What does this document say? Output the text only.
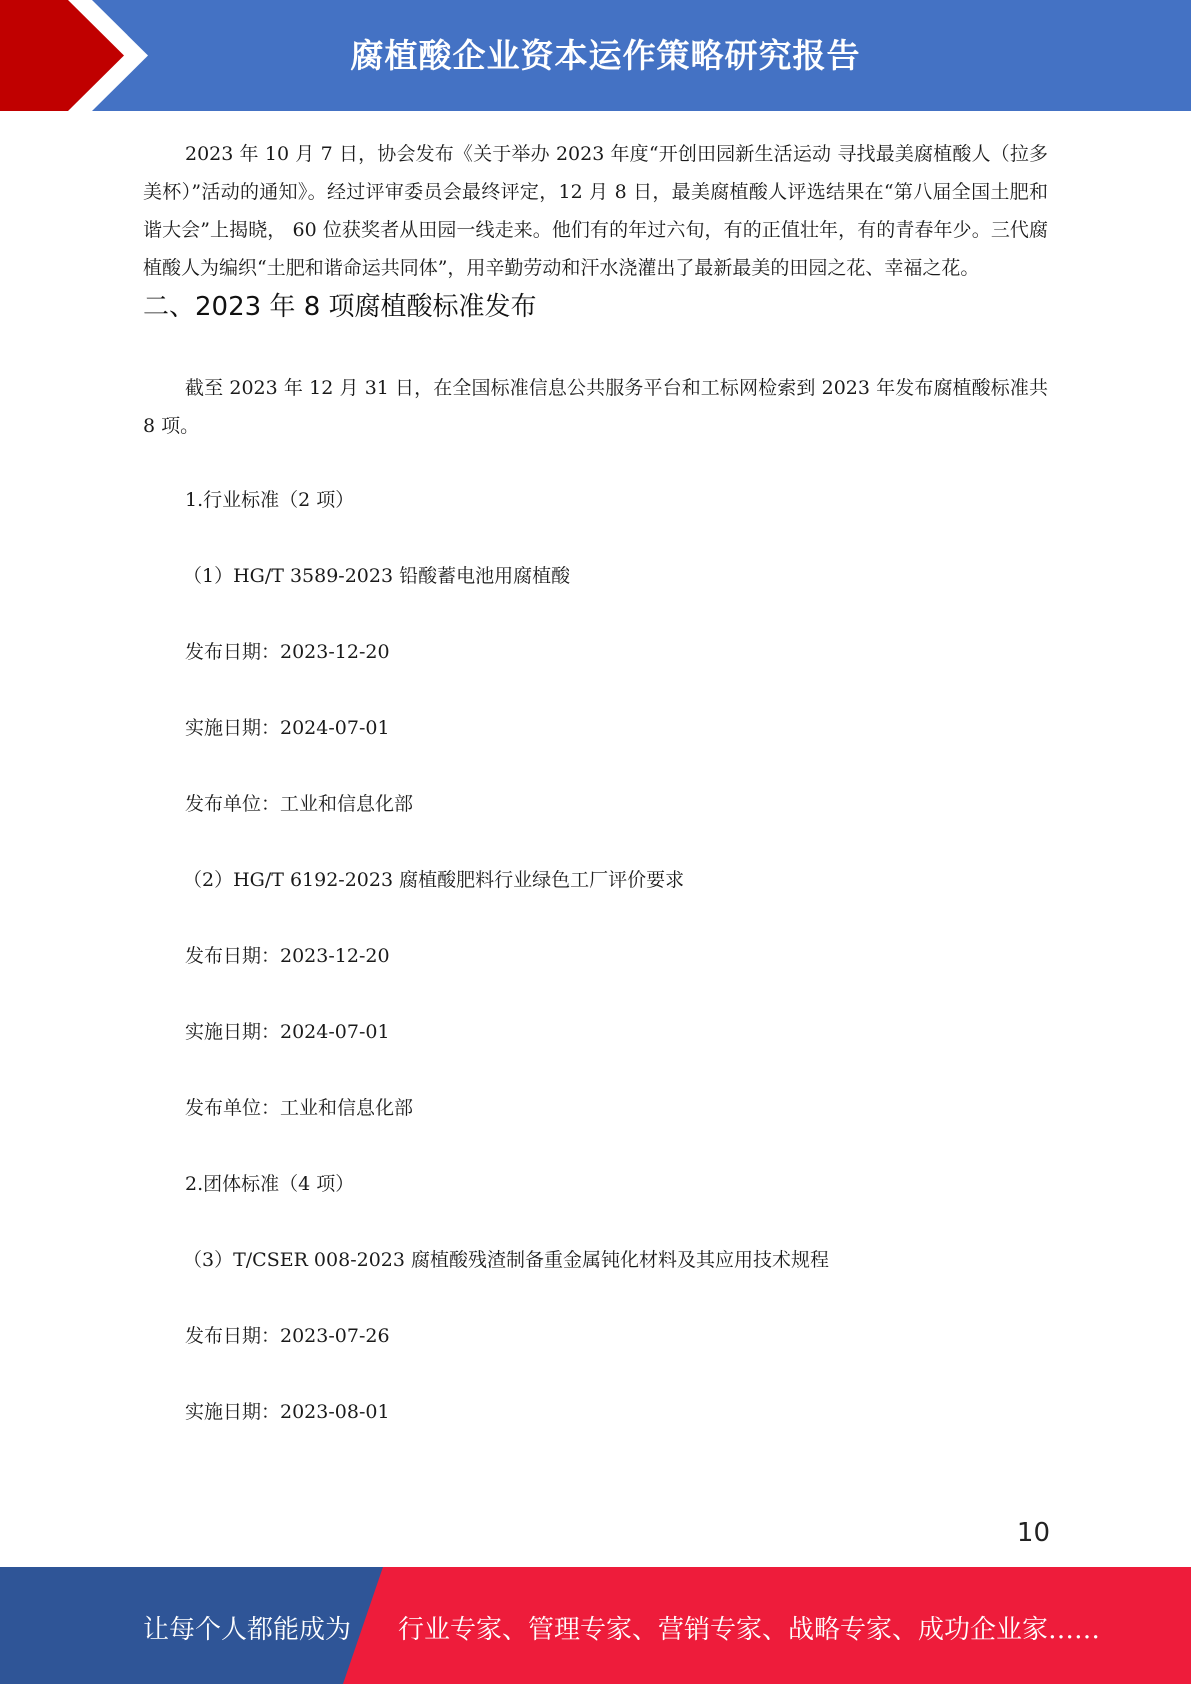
腐植酸企业资本运作策略研究报告

2023 年 10 月 7 日，协会发布《关于举办 2023 年度“开创田园新生活运动 寻找最美腐植酸人（拉多美杯）”活动的通知》。经过评审委员会最终评定，12 月 8 日，最美腐植酸人评选结果在“第八届全国土肥和谐大会”上揭晓， 60 位获奖者从田园一线走来。他们有的年过六旬，有的正值壮年，有的青春年少。三代腐植酸人为编织“土肥和谐命运共同体”，用辛勤劳动和汗水浇灌出了最新最美的田园之花、幸福之花。

二、2023 年 8 项腐植酸标准发布

截至 2023 年 12 月 31 日，在全国标准信息公共服务平台和工标网检索到 2023 年发布腐植酸标准共 8 项。

1.行业标准（2 项）

（1）HG/T 3589-2023 铅酸蓄电池用腐植酸

发布日期：2023-12-20

实施日期：2024-07-01

发布单位：工业和信息化部

（2）HG/T 6192-2023 腐植酸肥料行业绿色工厂评价要求

发布日期：2023-12-20

实施日期：2024-07-01

发布单位：工业和信息化部

2.团体标准（4 项）

（3）T/CSER 008-2023 腐植酸残渣制备重金属钝化材料及其应用技术规程

发布日期：2023-07-26

实施日期：2023-08-01

10
让每个人都能成为 行业专家、管理专家、营销专家、战略专家、成功企业家……
